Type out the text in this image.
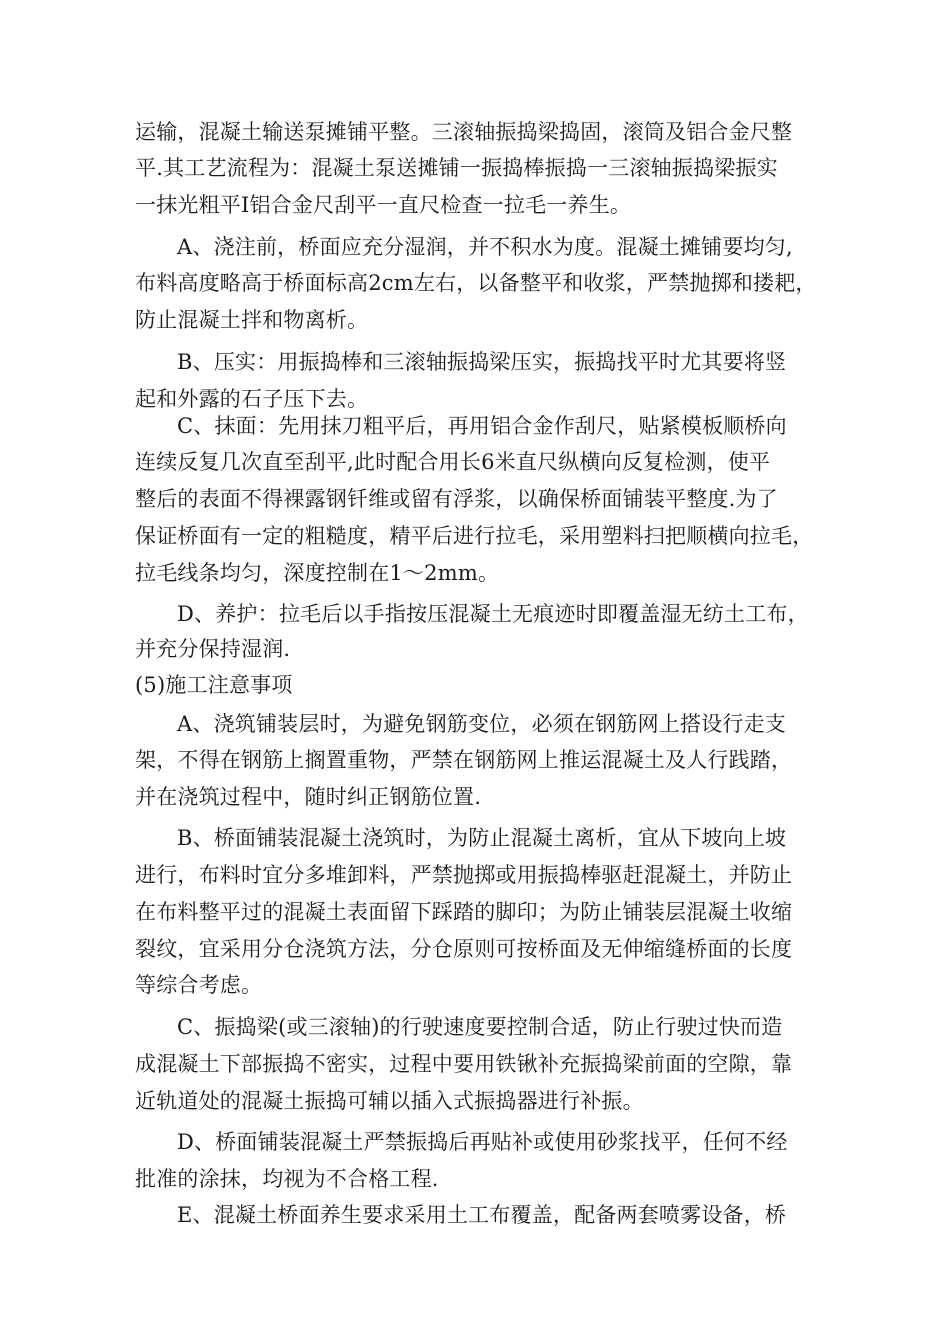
运输，混凝土输送泵摊铺平整。三滚轴振捣梁捣固，滚筒及铝合金尺整
平.其工艺流程为：混凝土泵送摊铺一振捣棒振捣一三滚轴振捣梁振实
一抹光粗平Ⅰ铝合金尺刮平一直尺检查一拉毛一养生。
A、浇注前，桥面应充分湿润，并不积水为度。混凝土摊铺要均匀,
布料高度略高于桥面标高2cm左右，以备整平和收浆，严禁抛掷和搂耙，
防止混凝土拌和物离析。
B、压实：用振捣棒和三滚轴振捣梁压实，振捣找平时尤其要将竖
起和外露的石子压下去。
C、抹面：先用抹刀粗平后，再用铝合金作刮尺，贴紧模板顺桥向
连续反复几次直至刮平,此时配合用长6米直尺纵横向反复检测，使平
整后的表面不得裸露钢钎维或留有浮浆，以确保桥面铺装平整度.为了
保证桥面有一定的粗糙度，精平后进行拉毛，采用塑料扫把顺横向拉毛，
拉毛线条均匀，深度控制在1〜2mm。
D、养护：拉毛后以手指按压混凝土无痕迹时即覆盖湿无纺土工布，
并充分保持湿润.
(5)施工注意事项
A、浇筑铺装层时，为避免钢筋变位，必须在钢筋网上搭设行走支
架，不得在钢筋上搁置重物，严禁在钢筋网上推运混凝土及人行践踏，
并在浇筑过程中，随时纠正钢筋位置.
B、桥面铺装混凝土浇筑时，为防止混凝土离析，宜从下坡向上坡
进行，布料时宜分多堆卸料，严禁抛掷或用振捣棒驱赶混凝土，并防止
在布料整平过的混凝土表面留下踩踏的脚印；为防止铺装层混凝土收缩
裂纹，宜采用分仓浇筑方法，分仓原则可按桥面及无伸缩缝桥面的长度
等综合考虑。
C、振捣梁(或三滚轴)的行驶速度要控制合适，防止行驶过快而造
成混凝土下部振捣不密实，过程中要用铁锹补充振捣梁前面的空隙，靠
近轨道处的混凝土振捣可辅以插入式振捣器进行补振。
D、桥面铺装混凝土严禁振捣后再贴补或使用砂浆找平，任何不经
批准的涂抹，均视为不合格工程.
E、混凝土桥面养生要求采用土工布覆盖，配备两套喷雾设备，桥
